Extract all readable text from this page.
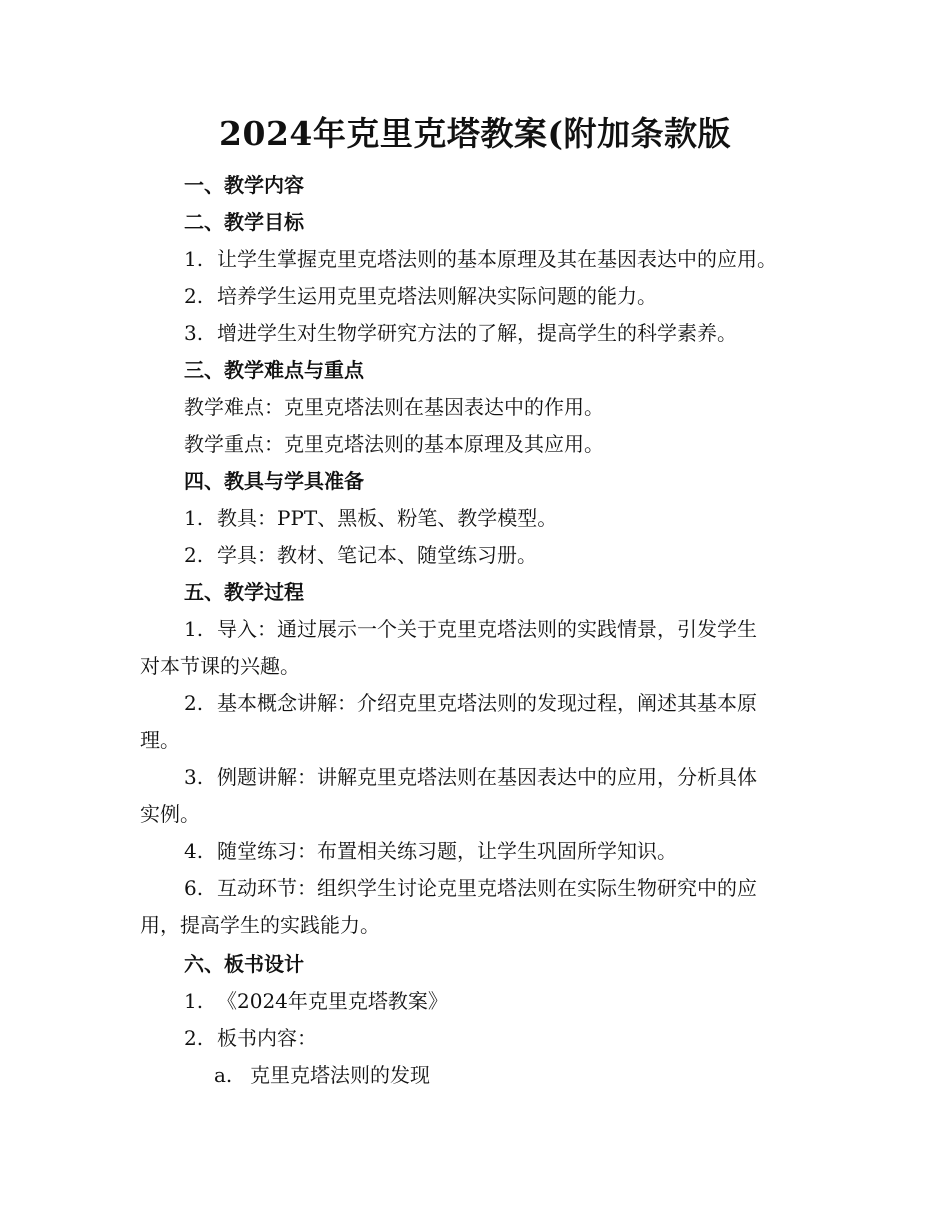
2024年克里克塔教案(附加条款版
一、教学内容
二、教学目标
1. 让学生掌握克里克塔法则的基本原理及其在基因表达中的应用。
2. 培养学生运用克里克塔法则解决实际问题的能力。
3. 增进学生对生物学研究方法的了解，提高学生的科学素养。
三、教学难点与重点
教学难点：克里克塔法则在基因表达中的作用。
教学重点：克里克塔法则的基本原理及其应用。
四、教具与学具准备
1. 教具：PPT、黑板、粉笔、教学模型。
2. 学具：教材、笔记本、随堂练习册。
五、教学过程
1. 导入：通过展示一个关于克里克塔法则的实践情景，引发学生
对本节课的兴趣。
2. 基本概念讲解：介绍克里克塔法则的发现过程，阐述其基本原
理。
3. 例题讲解：讲解克里克塔法则在基因表达中的应用，分析具体
实例。
4. 随堂练习：布置相关练习题，让学生巩固所学知识。
6. 互动环节：组织学生讨论克里克塔法则在实际生物研究中的应
用，提高学生的实践能力。
六、板书设计
1. 《2024年克里克塔教案》
2. 板书内容：
a. 克里克塔法则的发现
